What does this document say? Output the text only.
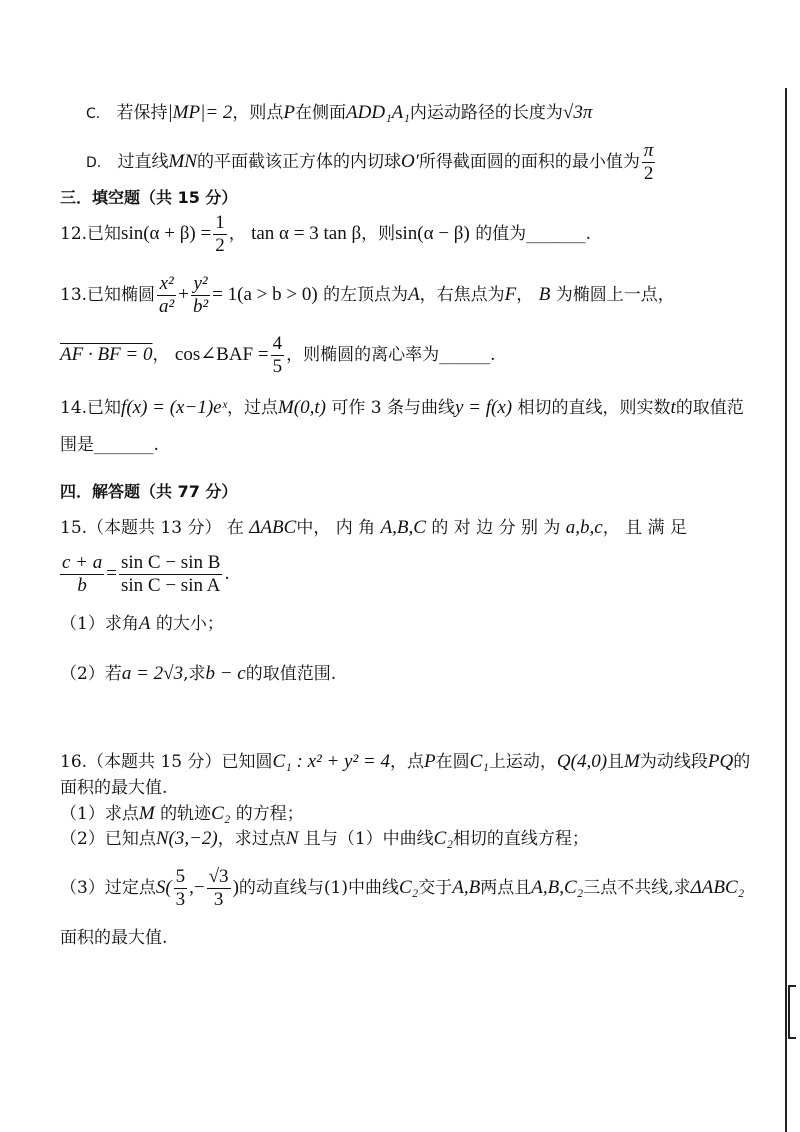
C. 若保持|MP|= 2，则点P在侧面ADD₁A₁内运动路径的长度为√3π
D. 过直线MN的平面截该正方体的内切球O′所得截面圆的面积的最小值为 $\frac{\pi}{2}$
三．填空题（共 15 分）
12.已知$\sin(\alpha + \beta) = \frac{1}{2}$ ， tan α = 3 tan β，则sin(α − β) 的值为_______.
13.已知椭圆 $\frac{\text{x²}}{\text{a²}} + \frac{\text{y²}}{\text{b²}} = 1(a > b > 0)$ 的左顶点为A，右焦点为F， B 为椭圆上一点，
AF · BF = 0， cos∠BAF = $\frac{4}{5}$ ，则椭圆的离心率为______.
14.已知f(x) = (x−1)eˣ，过点M(0,t) 可作 3 条与曲线y = f(x) 相切的直线，则实数t的取值范
围是_______.
四．解答题（共 77 分）
15.（本题共 13 分） 在 ΔABC中， 内 角 A,B,C 的 对 边 分 别 为 a,b,c， 且 满 足
$\frac{c + a}{b} = \frac{\text{sin C − sin B}}{\text{sin C − sin A}}$ .
（1）求角A 的大小；
（2）若a = 2√3,求b − c的取值范围.
16.（本题共 15 分）已知圆C₁ : x² + y² = 4，点P在圆C₁上运动，Q(4,0)且M为动线段PQ的
面积的最大值.
（1）求点M 的轨迹C₂ 的方程；
（2）已知点N(3,−2)，求过点N 且与（1）中曲线C₂相切的直线方程；
（3）过定点$S( \frac{5}{3}$ ,− $\frac{√3}{3}$ )的动直线与(1)中曲线C₂交于A,B两点且A,B,C₂三点不共线,求ΔABC₂
面积的最大值.
